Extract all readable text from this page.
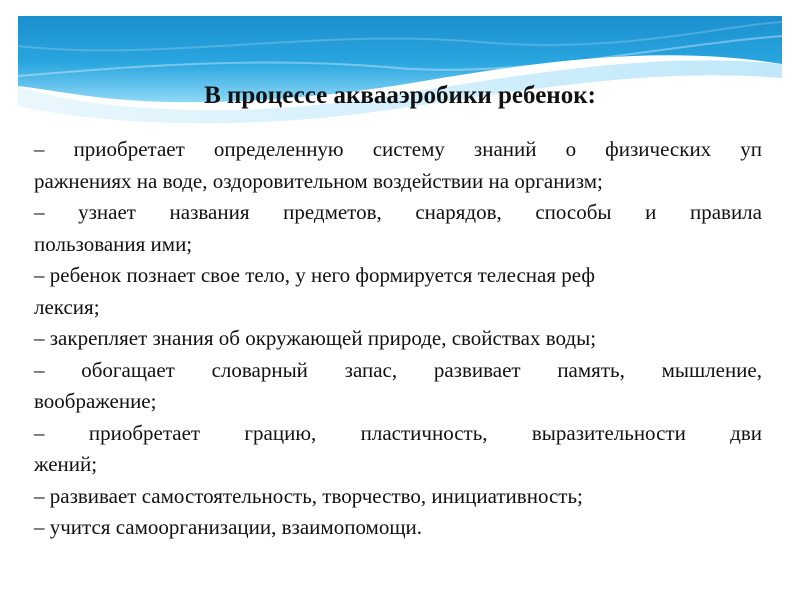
В процессе аквааэробики ребенок:

– приобретает определенную систему знаний о физических уп

ражнениях на воде, оздоровительном воздействии на организм;

– узнает названия предметов, снарядов, способы и правила

пользования ими;

– ребенок познает свое тело, у него формируется телесная реф

лексия;

– закрепляет знания об окружающей природе, свойствах воды;

– обогащает словарный запас, развивает память, мышление,

воображение;

– приобретает грацию, пластичность, выразительности дви

жений;

– развивает самостоятельность, творчество, инициативность;

– учится самоорганизации, взаимопомощи.
